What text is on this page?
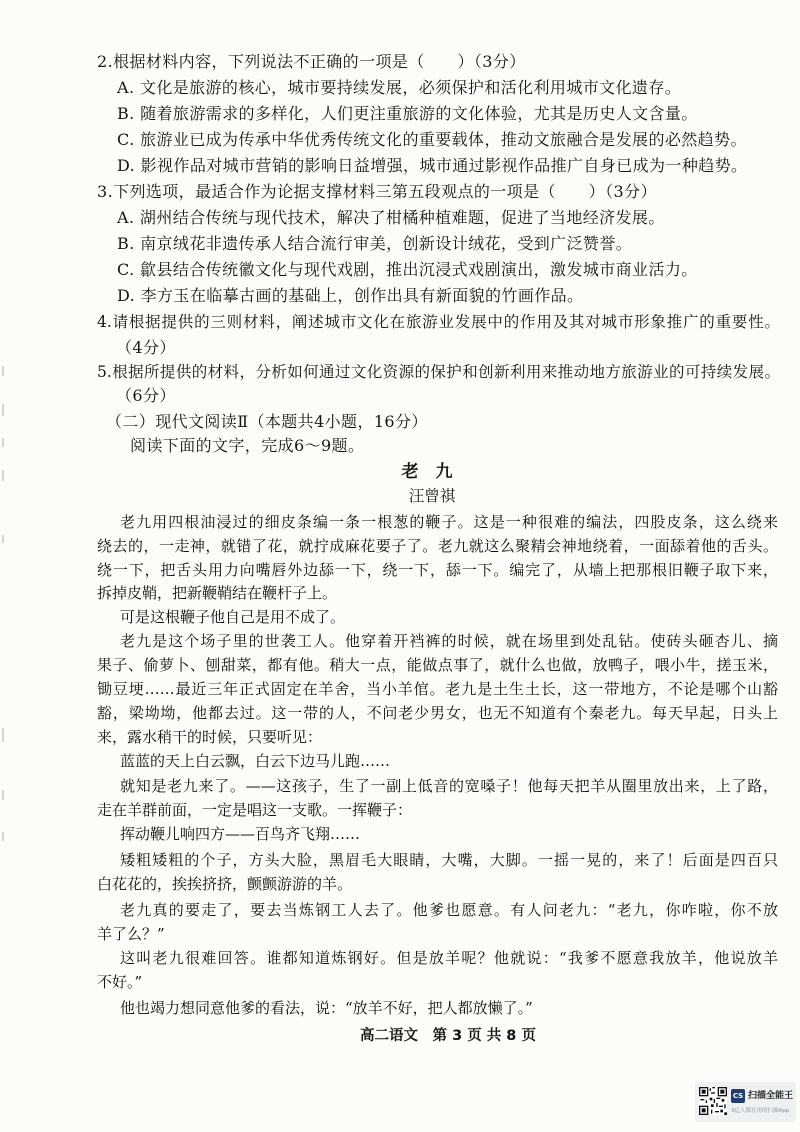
2.根据材料内容，下列说法不正确的一项是（　　）（3分）
A. 文化是旅游的核心，城市要持续发展，必须保护和活化利用城市文化遗存。
B. 随着旅游需求的多样化，人们更注重旅游的文化体验，尤其是历史人文含量。
C. 旅游业已成为传承中华优秀传统文化的重要载体，推动文旅融合是发展的必然趋势。
D. 影视作品对城市营销的影响日益增强，城市通过影视作品推广自身已成为一种趋势。
3.下列选项，最适合作为论据支撑材料三第五段观点的一项是（　　）（3分）
A. 湖州结合传统与现代技术，解决了柑橘种植难题，促进了当地经济发展。
B. 南京绒花非遗传承人结合流行审美，创新设计绒花，受到广泛赞誉。
C. 歙县结合传统徽文化与现代戏剧，推出沉浸式戏剧演出，激发城市商业活力。
D. 李方玉在临摹古画的基础上，创作出具有新面貌的竹画作品。
4.请根据提供的三则材料，阐述城市文化在旅游业发展中的作用及其对城市形象推广的重要性。
（4分）
5.根据所提供的材料，分析如何通过文化资源的保护和创新利用来推动地方旅游业的可持续发展。
（6分）
（二）现代文阅读Ⅱ（本题共4小题，16分）
阅读下面的文字，完成6～9题。
老　九
汪曾祺
老九用四根油浸过的细皮条编一条一根葱的鞭子。这是一种很难的编法，四股皮条，这么绕来
绕去的，一走神，就错了花，就拧成麻花要子了。老九就这么聚精会神地绕着，一面舔着他的舌头。
绕一下，把舌头用力向嘴唇外边舔一下，绕一下，舔一下。编完了，从墙上把那根旧鞭子取下来，
拆掉皮鞘，把新鞭鞘结在鞭杆子上。
可是这根鞭子他自己是用不成了。
老九是这个场子里的世袭工人。他穿着开裆裤的时候，就在场里到处乱钻。使砖头砸杏儿、摘
果子、偷萝卜、刨甜菜，都有他。稍大一点，能做点事了，就什么也做，放鸭子，喂小牛，搓玉米，
锄豆埂……最近三年正式固定在羊舍，当小羊倌。老九是土生土长，这一带地方，不论是哪个山豁
豁，梁坳坳，他都去过。这一带的人，不问老少男女，也无不知道有个秦老九。每天早起，日头上
来，露水稍干的时候，只要听见：
蓝蓝的天上白云飘，白云下边马儿跑……
就知是老九来了。——这孩子，生了一副上低音的宽嗓子！他每天把羊从圈里放出来，上了路，
走在羊群前面，一定是唱这一支歌。一挥鞭子：
挥动鞭儿响四方——百鸟齐飞翔……
矮粗矮粗的个子，方头大脸，黑眉毛大眼睛，大嘴，大脚。一摇一晃的，来了！后面是四百只
白花花的，挨挨挤挤，颤颤游游的羊。
老九真的要走了，要去当炼钢工人去了。他爹也愿意。有人问老九：“老九，你咋啦，你不放
羊了么？”
这叫老九很难回答。谁都知道炼钢好。但是放羊呢？他就说：“我爹不愿意我放羊，他说放羊
不好。”
他也竭力想同意他爹的看法，说：“放羊不好，把人都放懒了。”
高二语文　第 3 页 共 8 页
CS 扫描全能王
3亿人都在用的扫描App
